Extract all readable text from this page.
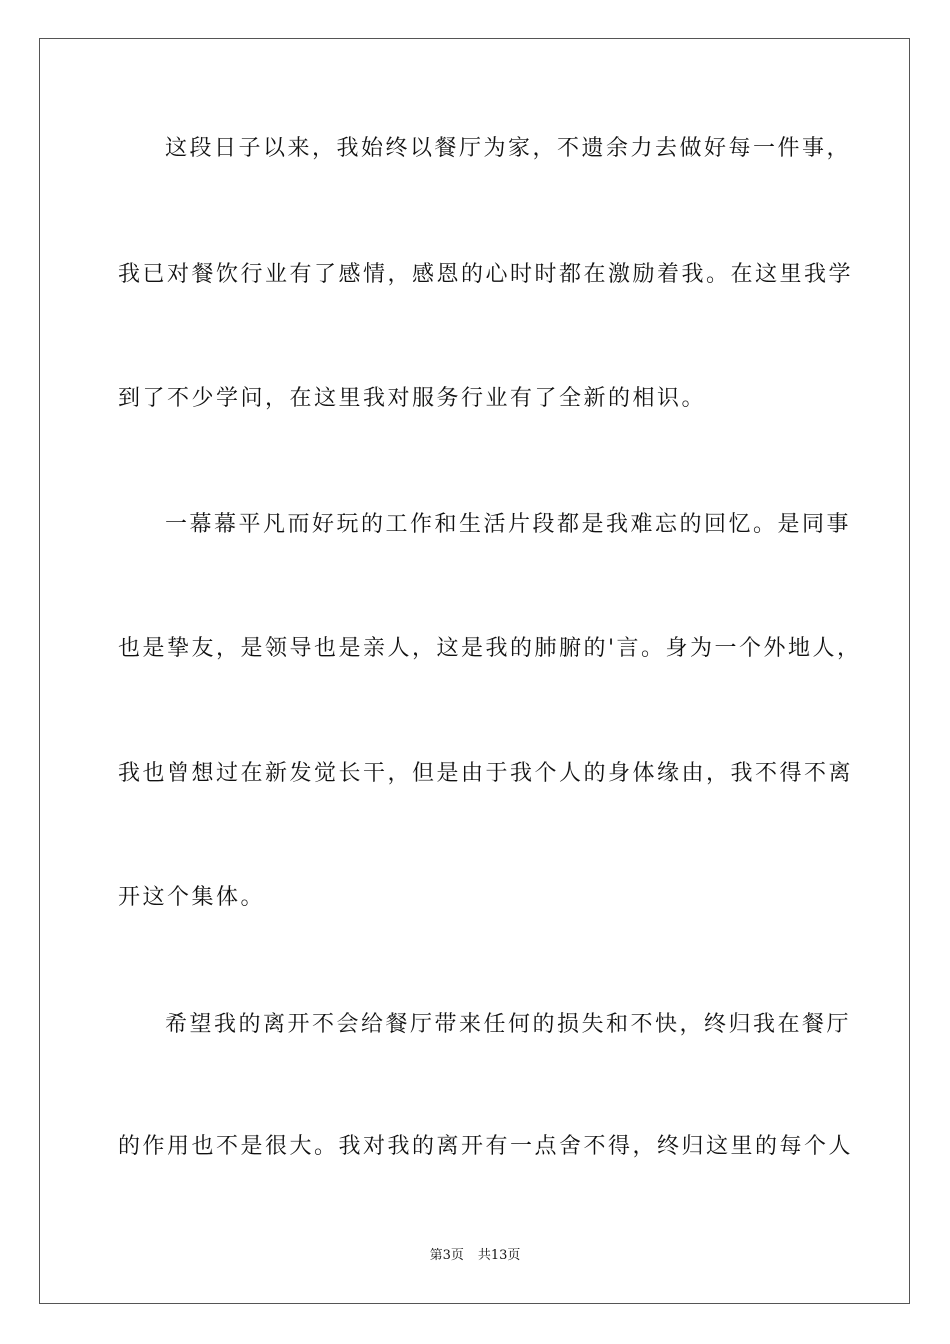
这段日子以来，我始终以餐厅为家，不遗余力去做好每一件事，
我已对餐饮行业有了感情，感恩的心时时都在激励着我。在这里我学
到了不少学问，在这里我对服务行业有了全新的相识。
一幕幕平凡而好玩的工作和生活片段都是我难忘的回忆。是同事
也是挚友，是领导也是亲人，这是我的肺腑的'言。身为一个外地人，
我也曾想过在新发觉长干，但是由于我个人的身体缘由，我不得不离
开这个集体。
希望我的离开不会给餐厅带来任何的损失和不快，终归我在餐厅
的作用也不是很大。我对我的离开有一点舍不得，终归这里的每个人
第3页 共13页
